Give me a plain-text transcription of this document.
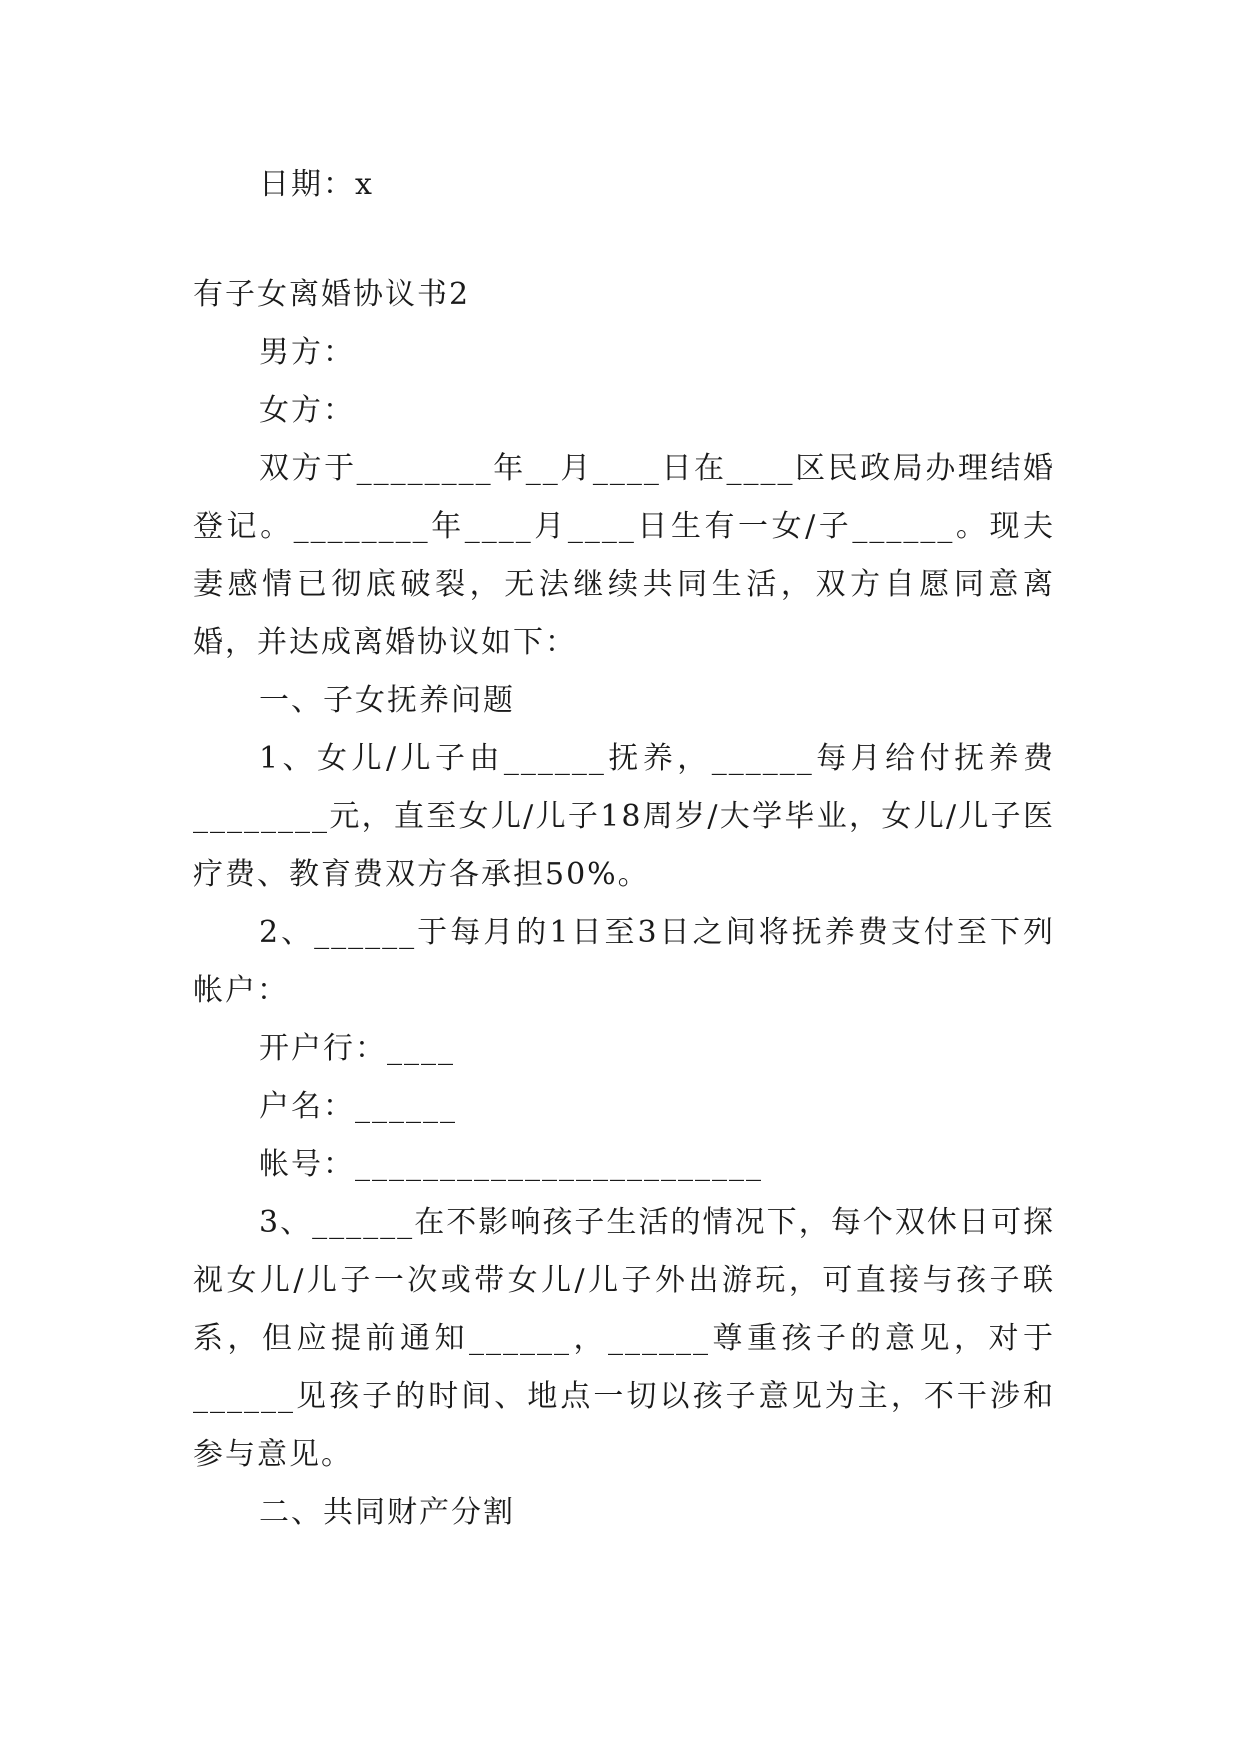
日期：x
有子女离婚协议书2
男方：
女方：

双方于________年__月____日在____区民政局办理结婚登记。________年____月____日生有一女/子______。现夫妻感情已彻底破裂，无法继续共同生活，双方自愿同意离婚，并达成离婚协议如下：

一、子女抚养问题

1、女儿/儿子由______抚养，______每月给付抚养费________元，直至女儿/儿子18周岁/大学毕业，女儿/儿子医疗费、教育费双方各承担50%。

2、______于每月的1日至3日之间将抚养费支付至下列帐户：

开户行：____
户名：______
帐号：________________________

3、______在不影响孩子生活的情况下，每个双休日可探视女儿/儿子一次或带女儿/儿子外出游玩，可直接与孩子联系，但应提前通知______，______尊重孩子的意见，对于______见孩子的时间、地点一切以孩子意见为主，不干涉和参与意见。

二、共同财产分割
